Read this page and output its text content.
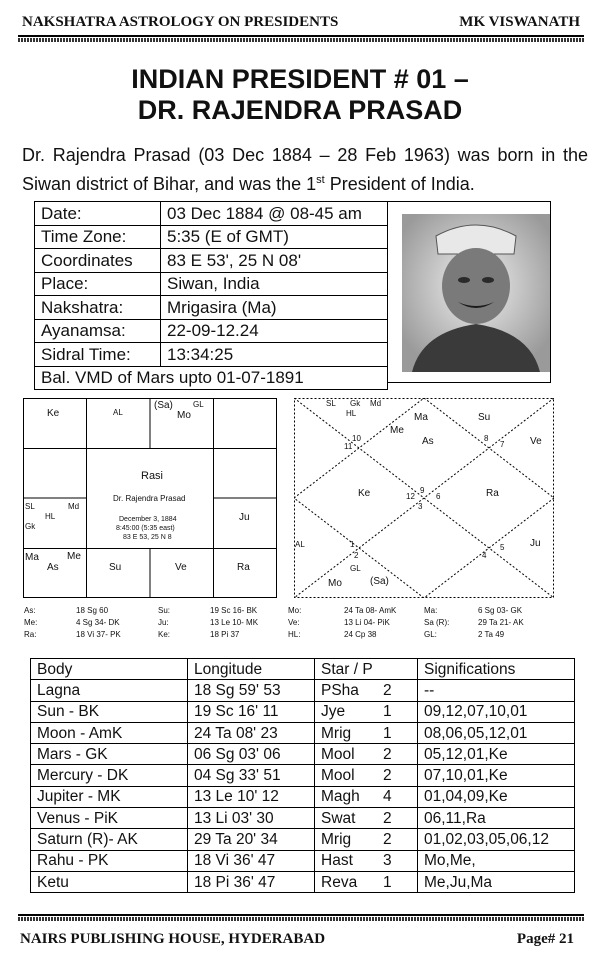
NAKSHATRA ASTROLOGY ON PRESIDENTS	MK VISWANATH
INDIAN PRESIDENT # 01 –
DR. RAJENDRA PRASAD
Dr. Rajendra Prasad (03 Dec 1884 – 28 Feb 1963) was born in the Siwan district of Bihar, and was the 1st President of India.
Date:	03 Dec 1884 @ 08-45 am
Time Zone:	5:35 (E of GMT)
Coordinates	83 E 53', 25 N 08'
Place:	Siwan, India
Nakshatra:	Mrigasira (Ma)
Ayanamsa:	22-09-12.24
Sidral Time:	13:34:25
Bal. VMD of Mars upto 01-07-1891	
Ke	AL
(Sa)	GL
Mo
SL	Md
HL
Gk
Ju
Ma	Me
As	Su	Ve	Ra
Rasi
Dr. Rajendra Prasad
December 3, 1884
8:45:00 (5:35 east)
83 E 53, 25 N 8
SL Gk Md
HL
Me
Ma
As
Su
Ve
Ke	Ra
AL	Ju
GL
Mo	(Sa)
1
2
3
4
5
6
7
8
9
10
11
12
As:	18 Sg 60	Su:	19 Sc 16- BK	Mo:	24 Ta 08- AmK	Ma:	6 Sg 03- GK
Me:	4 Sg 34- DK	Ju:	13 Le 10- MK	Ve:	13 Li 04- PiK	Sa (R):	29 Ta 21- AK
Ra:	18 Vi 37- PK	Ke:	18 Pi 37	HL:	24 Cp 38	GL:	2 Ta 49
Body	Longitude	Star / P		Significations
Lagna	18 Sg 59' 53	PSha	2	--
Sun - BK	19 Sc 16' 11	Jye	1	09,12,07,10,01
Moon - AmK	24 Ta 08' 23	Mrig	1	08,06,05,12,01
Mars - GK	06 Sg 03' 06	Mool	2	05,12,01,Ke
Mercury - DK	04 Sg 33' 51	Mool	2	07,10,01,Ke
Jupiter - MK	13 Le 10' 12	Magh	4	01,04,09,Ke
Venus - PiK	13 Li 03' 30	Swat	2	06,11,Ra
Saturn (R)- AK	29 Ta 20' 34	Mrig	2	01,02,03,05,06,12
Rahu - PK	18 Vi 36' 47	Hast	3	Mo,Me,
Ketu	18 Pi 36' 47	Reva	1	Me,Ju,Ma
NAIRS PUBLISHING HOUSE, HYDERABAD	Page# 21
